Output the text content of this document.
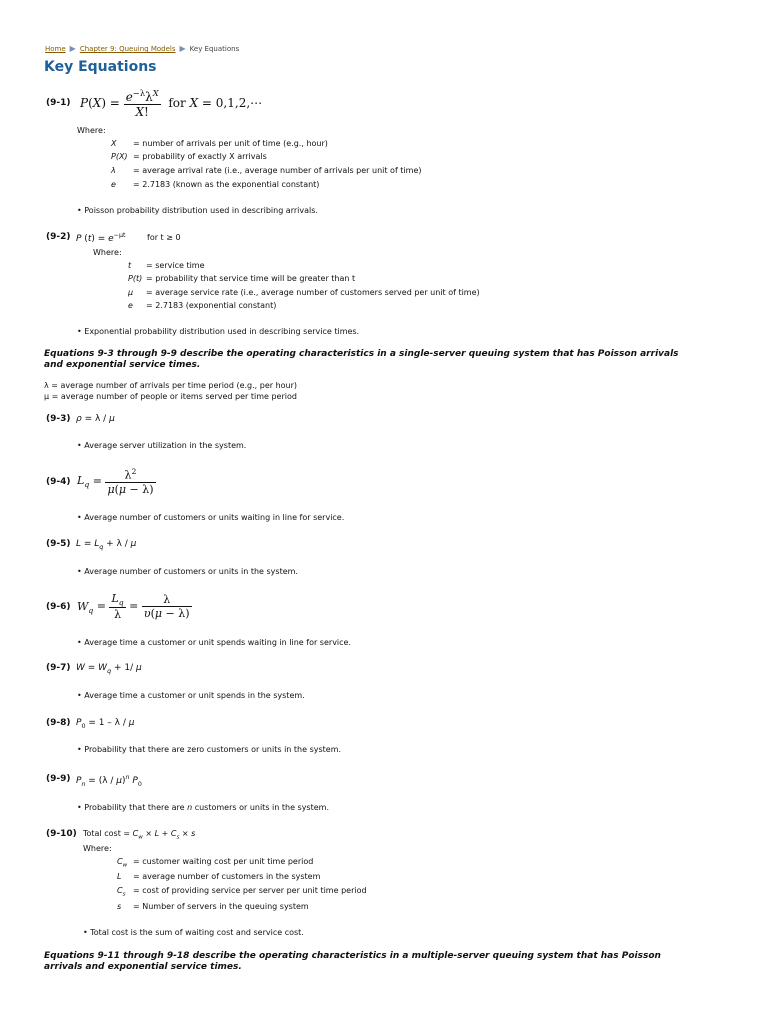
Home ▶ Chapter 9: Queuing Models ▶ Key Equations
Key Equations
(9-1) $P(X) = \frac{e^{-\lambda}\lambda^X}{X!}$ for X = 0,1,2,⋯
Where:
X = number of arrivals per unit of time (e.g., hour)
P(X) = probability of exactly X arrivals
λ = average arrival rate (i.e., average number of arrivals per unit of time)
e = 2.7183 (known as the exponential constant)
• Poisson probability distribution used in describing arrivals.
(9-2) P $(t) = e^{-\mu t}$	for t ≥ 0
Where:
t = service time
P(t) = probability that service time will be greater than t
μ = average service rate (i.e., average number of customers served per unit of time)
e = 2.7183 (exponential constant)
• Exponential probability distribution used in describing service times.
Equations 9-3 through 9-9 describe the operating characteristics in a single-server queuing system that has Poisson arrivals and exponential service times.
λ = average number of arrivals per time period (e.g., per hour)
μ = average number of people or items served per time period
(9-3) ρ = λ / μ
• Average server utilization in the system.
(9-4) $L_q = \frac{\lambda^2}{\mu(\mu - \lambda)}$
• Average number of customers or units waiting in line for service.
(9-5) $L = L_q + \lambda / \mu$
• Average number of customers or units in the system.
(9-6) $W_q = \frac{L_q}{\lambda} = \frac{\lambda}{\upsilon(\mu - \lambda)}$
• Average time a customer or unit spends waiting in line for service.
(9-7) $W = W_q + 1/$ μ
• Average time a customer or unit spends in the system.
(9-8) $P_0 = 1 - \lambda / \mu$
• Probability that there are zero customers or units in the system.
(9-9) $P_n = (\lambda / \mu)^n$ $P_0$
• Probability that there are n customers or units in the system.
(9-10) Total $\cos t = C_w \times L + C_s \times s$
Where:
$C_w$ = customer waiting cost per unit time period
L = average number of customers in the system
$C_s = \cos t$ of providing service per server per unit time period
s = Number of servers in the queuing system
• Total cost is the sum of waiting cost and service cost.
Equations 9-11 through 9-18 describe the operating characteristics in a multiple-server queuing system that has Poisson arrivals and exponential service times.
